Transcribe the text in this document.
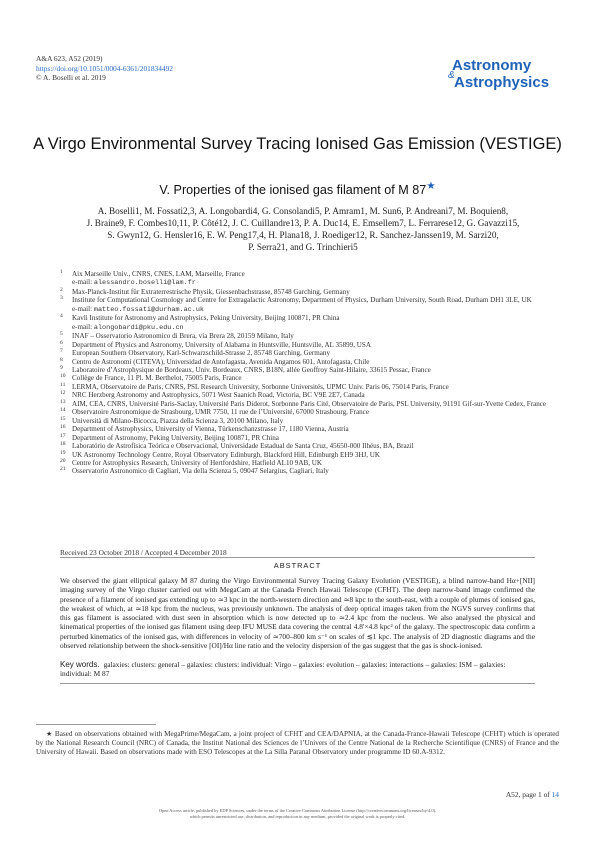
A&A 623, A52 (2019)
https://doi.org/10.1051/0004-6361/201834492
© A. Boselli et al. 2019
Astronomy
& Astrophysics
A Virgo Environmental Survey Tracing Ionised Gas Emission (VESTIGE)
V. Properties of the ionised gas filament of M 87★
A. Boselli1, M. Fossati2,3, A. Longobardi4, G. Consolandi5, P. Amram1, M. Sun6, P. Andreani7, M. Boquien8,
J. Braine9, F. Combes10,11, P. Côté12, J. C. Cuillandre13, P. A. Duc14, E. Emsellem7, L. Ferrarese12, G. Gavazzi15,
S. Gwyn12, G. Hensler16, E. W. Peng17,4, H. Plana18, J. Roediger12, R. Sanchez-Janssen19, M. Sarzi20,
P. Serra21, and G. Trinchieri5
1 Aix Marseille Univ., CNRS, CNES, LAM, Marseille, France
e-mail: alessandro.boselli@lam.fr
2 Max-Planck-Institut für Extraterrestrische Physik, Giessenbachstrasse, 85748 Garching, Germany
3 Institute for Computational Cosmology and Centre for Extragalactic Astronomy, Department of Physics, Durham University, South Road, Durham DH1 3LE, UK
e-mail: matteo.fossati@durham.ac.uk
4 Kavli Institute for Astronomy and Astrophysics, Peking University, Beijing 100871, PR China
e-mail: alongobardi@pku.edu.cn
5 INAF – Osservatorio Astronomico di Brera, via Brera 28, 20159 Milano, Italy
6 Department of Physics and Astronomy, University of Alabama in Huntsville, Huntsville, AL 35899, USA
7 European Southern Observatory, Karl-Schwarzschild-Strasse 2, 85748 Garching, Germany
8 Centro de Astronomí (CITEVA), Universidad de Antofagasta, Avenida Angamos 601, Antofagasta, Chile
9 Laboratoire d’Astrophysique de Bordeaux, Univ. Bordeaux, CNRS, B18N, allée Geoffroy Saint-Hilaire, 33615 Pessac, France
10 Collège de France, 11 Pl. M. Berthelot, 75005 Paris, France
11 LERMA, Observatoire de Paris, CNRS, PSL Research University, Sorbonne Universités, UPMC Univ. Paris 06, 75014 Paris, France
12 NRC Herzberg Astronomy and Astrophysics, 5071 West Saanich Road, Victoria, BC V9E 2E7, Canada
13 AIM, CEA, CNRS, Université Paris-Saclay, Université Paris Diderot, Sorbonne Paris Cité, Observatoire de Paris, PSL University, 91191 Gif-sur-Yvette Cedex, France
14 Observatoire Astronomique de Strasbourg, UMR 7750, 11 rue de l’Université, 67000 Strasbourg, France
15 Università di Milano-Bicocca, Piazza della Scienza 3, 20100 Milano, Italy
16 Department of Astrophysics, University of Vienna, Türkenschanzstrasse 17, 1180 Vienna, Austria
17 Department of Astronomy, Peking University, Beijing 100871, PR China
18 Laboratório de Astrofísica Teórica e Observacional, Universidade Estadual de Santa Cruz, 45650-000 Ilhéus, BA, Brazil
19 UK Astronomy Technology Centre, Royal Observatory Edinburgh, Blackford Hill, Edinburgh EH9 3HJ, UK
20 Centre for Astrophysics Research, University of Hertfordshire, Hatfield AL10 9AB, UK
21 Osservatorio Astronomico di Cagliari, Via della Scienza 5, 09047 Selargius, Cagliari, Italy
Received 23 October 2018 / Accepted 4 December 2018
ABSTRACT
We observed the giant elliptical galaxy M 87 during the Virgo Environmental Survey Tracing Galaxy Evolution (VESTIGE), a blind narrow-band Hα+[NII] imaging survey of the Virgo cluster carried out with MegaCam at the Canada French Hawaii Telescope (CFHT). The deep narrow-band image confirmed the presence of a filament of ionised gas extending up to ≃3 kpc in the north-western direction and ≃8 kpc to the south-east, with a couple of plumes of ionised gas, the weakest of which, at ≃18 kpc from the nucleus, was previously unknown. The analysis of deep optical images taken from the NGVS survey confirms that this gas filament is associated with dust seen in absorption which is now detected up to ≃2.4 kpc from the nucleus. We also analysed the physical and kinematical properties of the ionised gas filament using deep IFU MUSE data covering the central 4.8′×4.8 kpc² of the galaxy. The spectroscopic data confirm a perturbed kinematics of the ionised gas, with differences in velocity of ≃700–800 km s⁻¹ on scales of ≲1 kpc. The analysis of 2D diagnostic diagrams and the observed relationship between the shock-sensitive [OI]/Hα line ratio and the velocity dispersion of the gas suggest that the gas is shock-ionised.
Key words. galaxies: clusters: general – galaxies: clusters: individual: Virgo – galaxies: evolution – galaxies: interactions – galaxies: ISM – galaxies: individual: M 87
★ Based on observations obtained with MegaPrime/MegaCam, a joint project of CFHT and CEA/DAPNIA, at the Canada-France-Hawaii Telescope (CFHT) which is operated by the National Research Council (NRC) of Canada, the Institut National des Sciences de l’Univers of the Centre National de la Recherche Scientifique (CNRS) of France and the University of Hawaii. Based on observations made with ESO Telescopes at the La Silla Paranal Observatory under programme ID 60.A-9312.
A52, page 1 of 14
Open Access article, published by EDP Sciences, under the terms of the Creative Commons Attribution License (http://creativecommons.org/licenses/by/4.0),
which permits unrestricted use, distribution, and reproduction in any medium, provided the original work is properly cited.
